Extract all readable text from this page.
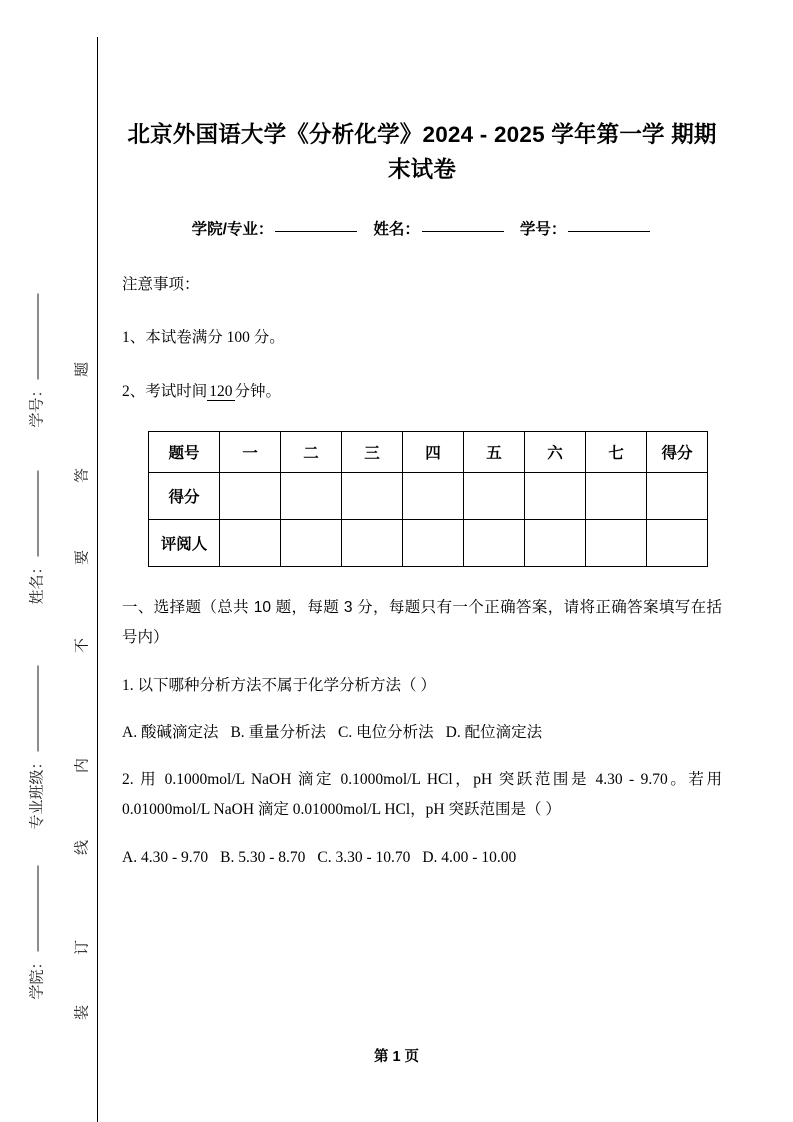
题
答
要
不
内
线
订
装
学号：
姓名：
专业班级：
学院：
北京外国语大学《分析化学》2024 - 2025 学年第一学 期期末试卷
学院/专业：	姓名：	学号：

注意事项：

1、本试卷满分 100 分。

2、考试时间 120 分钟。

题号	一	二	三	四	五	六	七	得分
得分								
评阅人								

一、选择题（总共 10 题，每题 3 分，每题只有一个正确答案，请将正确答案填写在括号内）

1. 以下哪种分析方法不属于化学分析方法（ ）

A. 酸碱滴定法 B. 重量分析法 C. 电位分析法 D. 配位滴定法

2. 用 0.1000mol/L NaOH 滴定 0.1000mol/L HCl，pH 突跃范围是 4.30 - 9.70。若用 0.01000mol/L NaOH 滴定 0.01000mol/L HCl，pH 突跃范围是（ ）

A. 4.30 - 9.70 B. 5.30 - 8.70 C. 3.30 - 10.70 D. 4.00 - 10.00

第 1 页
